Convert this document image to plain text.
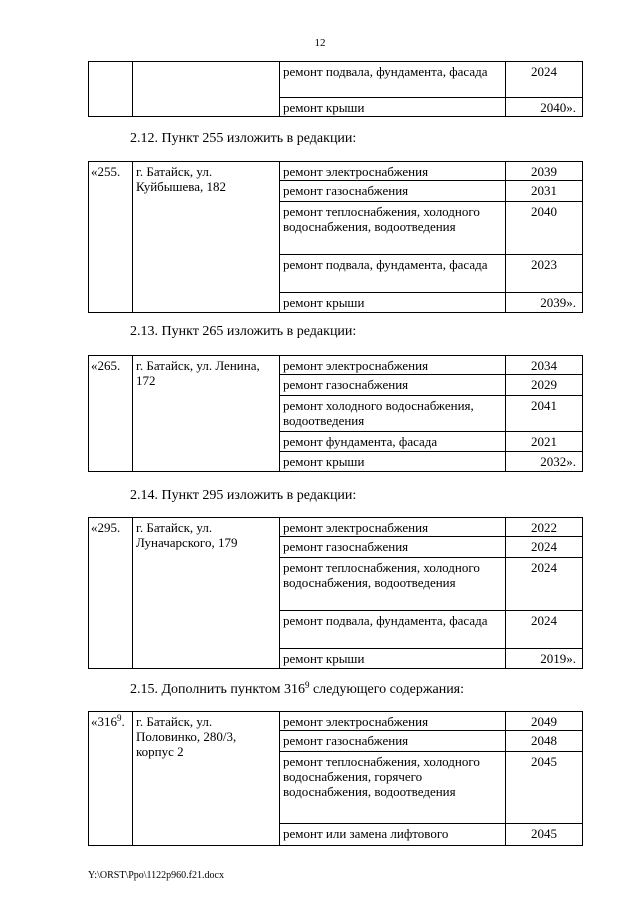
12
		ремонт подвала, фундамента, фасада	2024
		ремонт крыши	2040».
2.12. Пункт 255 изложить в редакции:
«255.	г. Батайск, ул. Куйбышева, 182	ремонт электроснабжения	2039
		ремонт газоснабжения	2031
		ремонт теплоснабжения, холодного водоснабжения, водоотведения	2040
		ремонт подвала, фундамента, фасада	2023
		ремонт крыши	2039».
2.13. Пункт 265 изложить в редакции:
«265.	г. Батайск, ул. Ленина, 172	ремонт электроснабжения	2034
		ремонт газоснабжения	2029
		ремонт холодного водоснабжения, водоотведения	2041
		ремонт фундамента, фасада	2021
		ремонт крыши	2032».
2.14. Пункт 295 изложить в редакции:
«295.	г. Батайск, ул. Луначарского, 179	ремонт электроснабжения	2022
		ремонт газоснабжения	2024
		ремонт теплоснабжения, холодного водоснабжения, водоотведения	2024
		ремонт подвала, фундамента, фасада	2024
		ремонт крыши	2019».
2.15. Дополнить пунктом $316^9$ следующего содержания:
«$316^9$.	г. Батайск, ул. Половинко, 280/3, корпус 2	ремонт электроснабжения	2049
		ремонт газоснабжения	2048
		ремонт теплоснабжения, холодного водоснабжения, горячего водоснабжения, водоотведения	2045
		ремонт или замена лифтового	2045
Y:\ORST\Ppo\1122p960.f21.docx
